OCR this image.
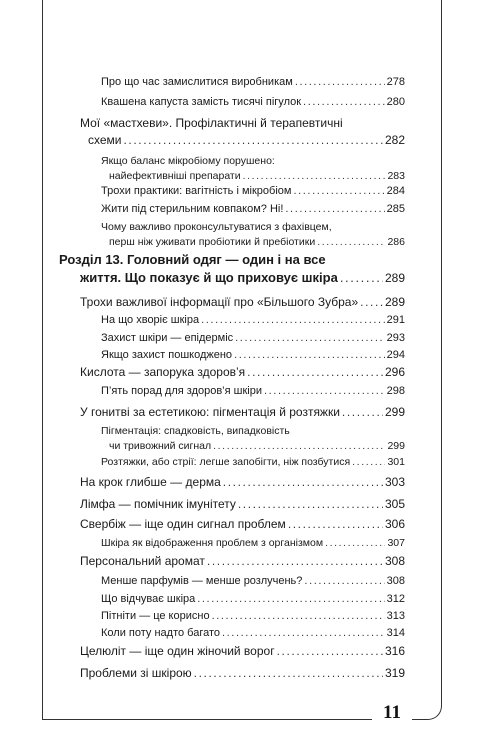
Про що час замислитися виробникам .....	278
Квашена капуста замість тисячі пігулок .....	280
Мої «мастхеви». Профілактичні й терапевтичні
схеми .....	282
Якщо баланс мікробіому порушено:
найефективніші препарати .....	283
Трохи практики: вагітність і мікробіом .....	284
Жити під стерильним ковпаком? Ні! .....	285
Чому важливо проконсультуватися з фахівцем,
перш ніж уживати пробіотики й пребіотики .....	286
Розділ 13. Головний одяг — один і на все
життя. Що показує й що приховує шкіра .....	289
Трохи важливої інформації про «Більшого Зубра» ..... 289
На що хворіє шкіра .....	291
Захист шкіри — епідерміс .....	293
Якщо захист пошкоджено .....	294
Кислота — запорука здоров’я .....	296
П’ять порад для здоров’я шкіри .....	298
У гонитві за естетикою: пігментація й розтяжки .....	299
Пігментація: спадковість, випадковість
чи тривожний сигнал .....	299
Розтяжки, або стрії: легше запобігти, ніж позбутися .....	301
На крок глибше — дерма .....	303
Лімфа — помічник імунітету .....	305
Свербіж — іще один сигнал проблем .....	306
Шкіра як відображення проблем з організмом .....	307
Персональний аромат .....	308
Менше парфумів — менше розлучень? .....	308
Що відчуває шкіра .....	312
Пітніти — це корисно .....	313
Коли поту надто багато .....	314
Целюліт — іще один жіночий ворог .....	316
Проблеми зі шкірою .....	319
11
